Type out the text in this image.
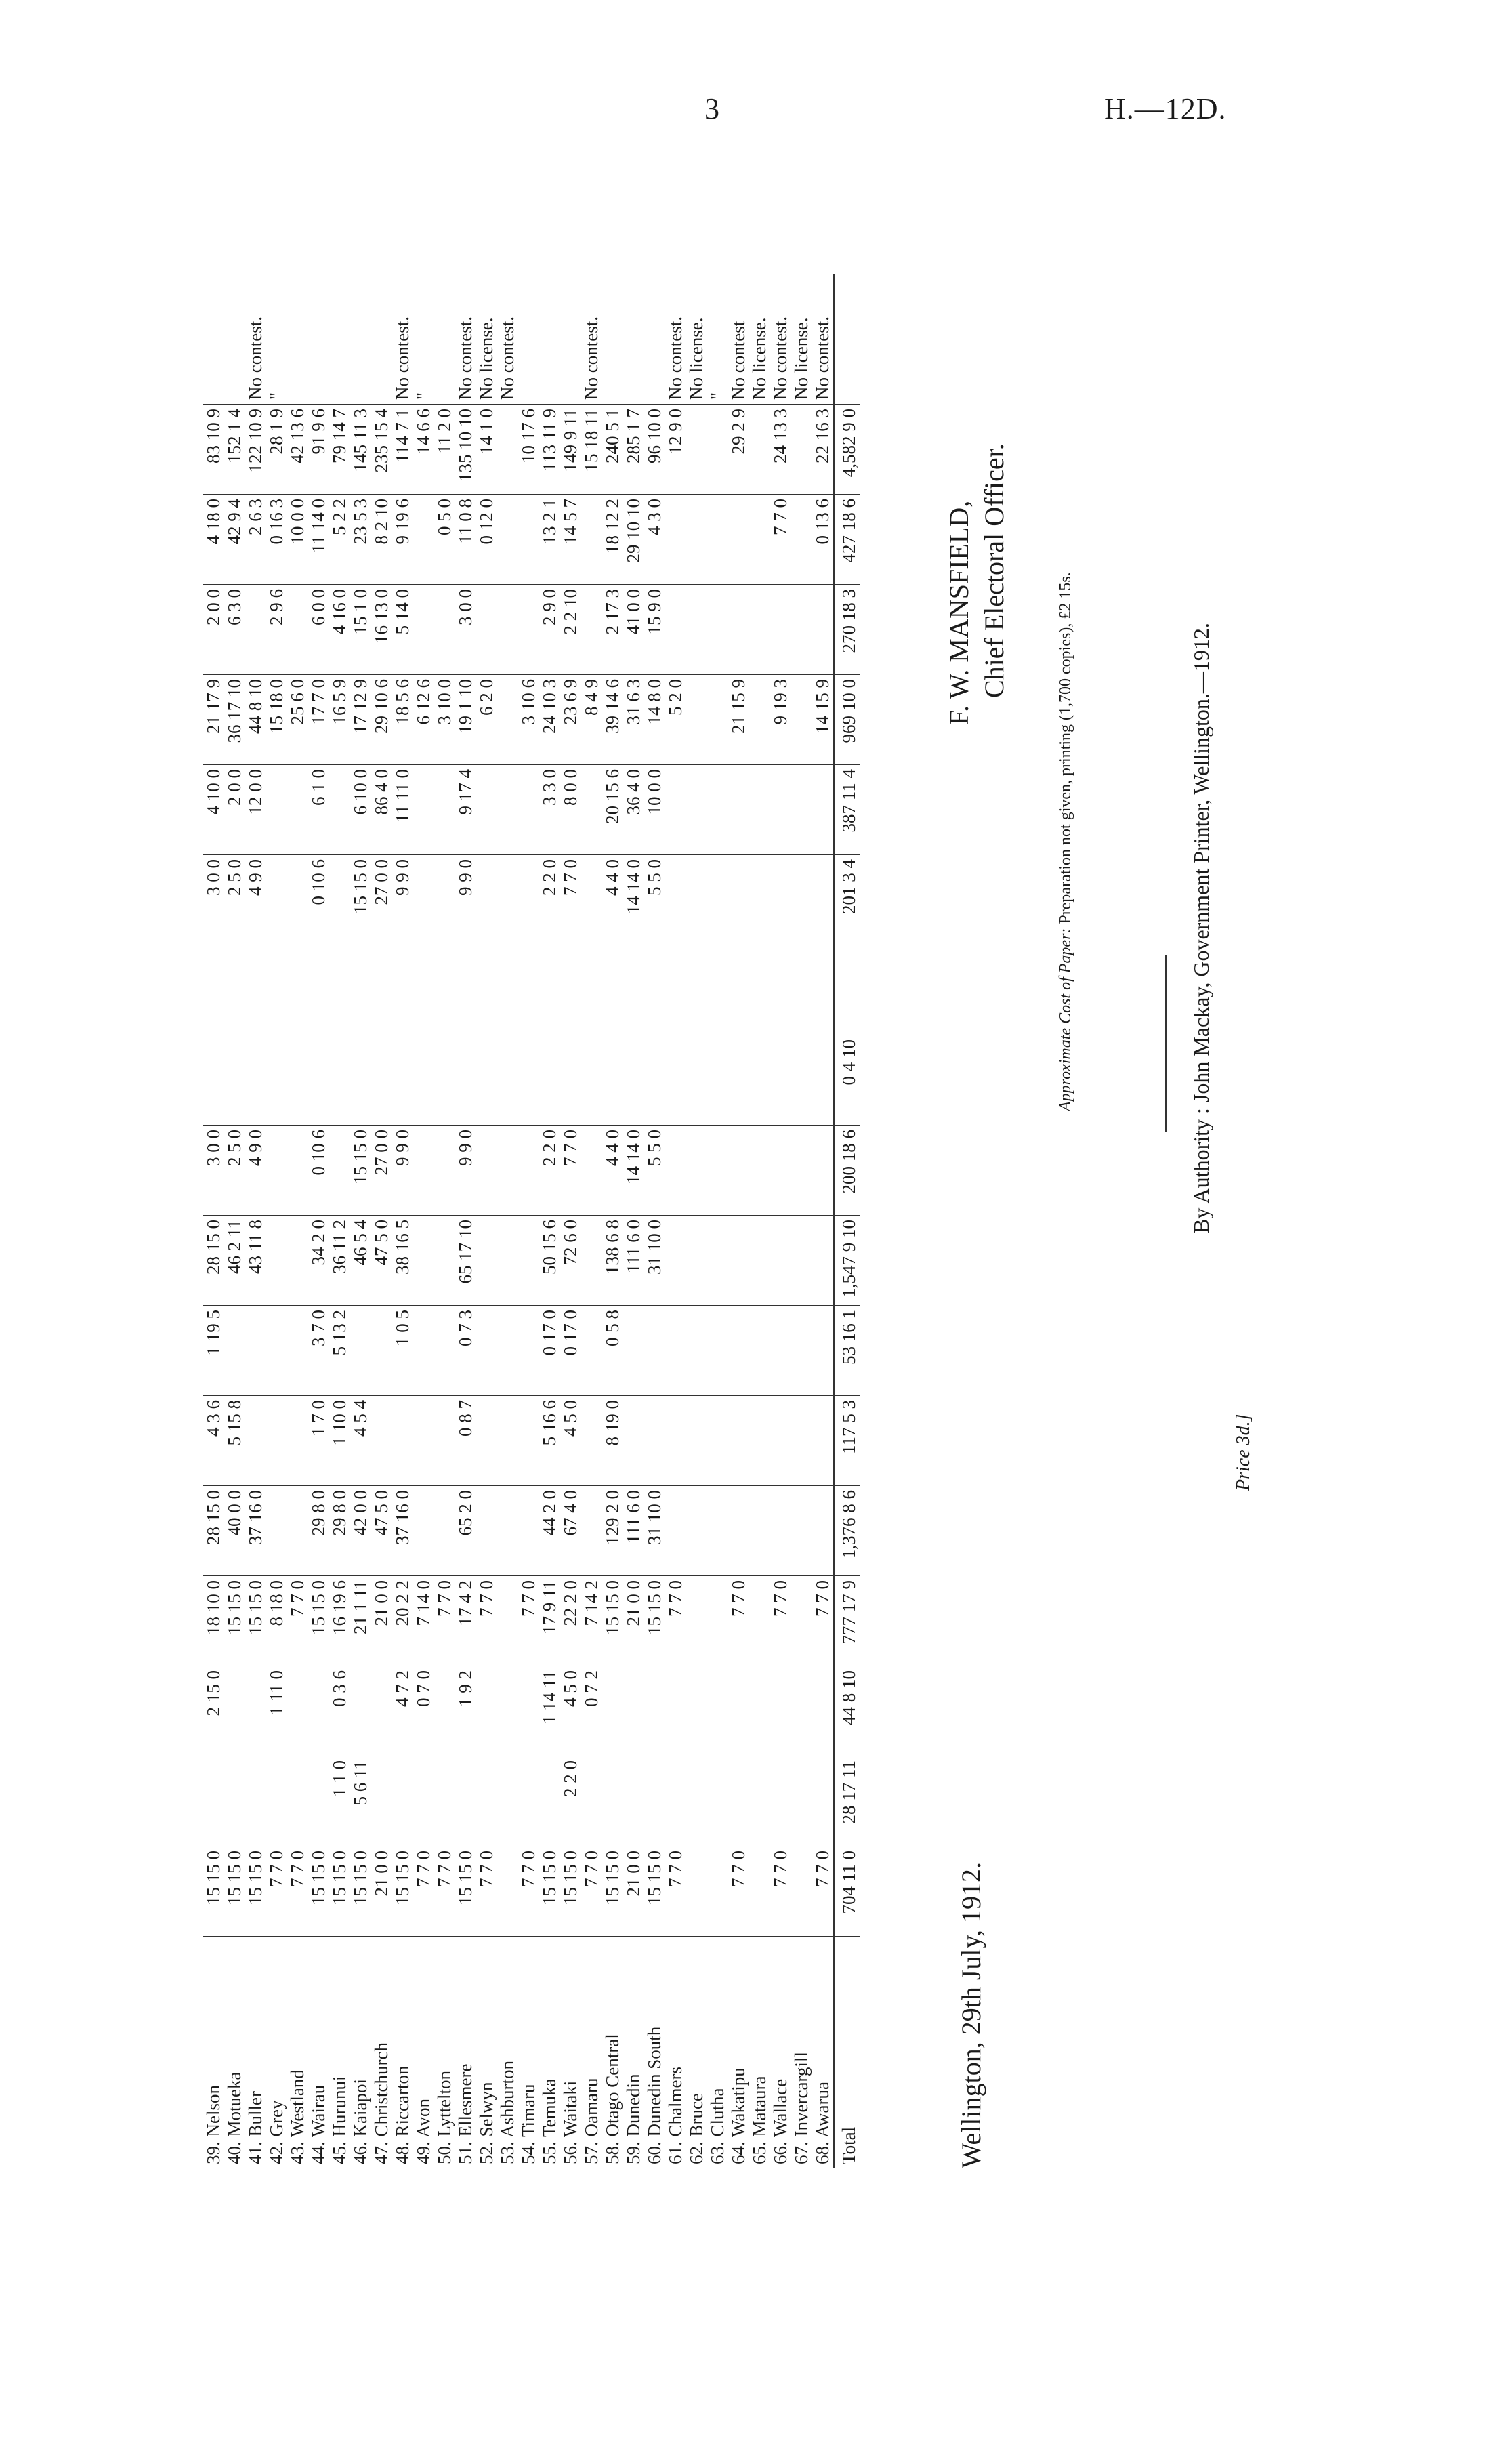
3	H.—12D.
39. Nelson	15 15 0		2 15 0	18 10 0	28 15 0	4 3 6	1 19 5	28 15 0	3 0 0			3 0 0	4 10 0	21 17 9	2 0 0	4 18 0	83 10 9	
40. Motueka	15 15 0			15 15 0	40 0 0	5 15 8		46 2 11	2 5 0			2 5 0	2 0 0	36 17 10	6 3 0	42 9 4	152 1 4	
41. Buller	15 15 0			15 15 0	37 16 0			43 11 8	4 9 0			4 9 0	12 0 0	44 8 10		2 6 3	122 10 9	No contest.
42. Grey	7 7 0		1 11 0	8 18 0										15 18 0	2 9 6	0 16 3	28 1 9	"
43. Westland	7 7 0			7 7 0										25 6 0		10 0 0	42 13 6	
44. Wairau	15 15 0			15 15 0	29 8 0	1 7 0	3 7 0	34 2 0	0 10 6			0 10 6	6 1 0	17 7 0	6 0 0	11 14 0	91 9 6	
45. Hurunui	15 15 0	1 1 0	0 3 6	16 19 6	29 8 0	1 10 0	5 13 2	36 11 2						16 5 9	4 16 0	5 2 2	79 14 7	
46. Kaiapoi	15 15 0	5 6 11		21 1 11	42 0 0	4 5 4		46 5 4	15 15 0			15 15 0	6 10 0	17 12 9	15 1 0	23 5 3	145 11 3	
47. Christchurch	21 0 0			21 0 0	47 5 0			47 5 0	27 0 0			27 0 0	86 4 0	29 10 6	16 13 0	8 2 10	235 15 4	
48. Riccarton	15 15 0		4 7 2	20 2 2	37 16 0		1 0 5	38 16 5	9 9 0			9 9 0	11 11 0	18 5 6	5 14 0	9 19 6	114 7 1	No contest.
49. Avon	7 7 0		0 7 0	7 14 0										6 12 6			14 6 6	"
50. Lyttelton	7 7 0			7 7 0										3 10 0		0 5 0	11 2 0	
51. Ellesmere	15 15 0		1 9 2	17 4 2	65 2 0	0 8 7	0 7 3	65 17 10	9 9 0			9 9 0	9 17 4	19 1 10	3 0 0	11 0 8	135 10 10	No contest.
52. Selwyn	7 7 0			7 7 0										6 2 0		0 12 0	14 1 0	No license.
53. Ashburton																		No contest.
54. Timaru	7 7 0			7 7 0										3 10 6			10 17 6	
55. Temuka	15 15 0		1 14 11	17 9 11	44 2 0	5 16 6	0 17 0	50 15 6	2 2 0			2 2 0	3 3 0	24 10 3	2 9 0	13 2 1	113 11 9	
56. Waitaki	15 15 0	2 2 0	4 5 0	22 2 0	67 4 0	4 5 0	0 17 0	72 6 0	7 7 0			7 7 0	8 0 0	23 6 9	2 2 10	14 5 7	149 9 11	
57. Oamaru	7 7 0		0 7 2	7 14 2										8 4 9			15 18 11	No contest.
58. Otago Central	15 15 0			15 15 0	129 2 0	8 19 0	0 5 8	138 6 8	4 4 0			4 4 0	20 15 6	39 14 6	2 17 3	18 12 2	240 5 1	
59. Dunedin	21 0 0			21 0 0	111 6 0			111 6 0	14 14 0			14 14 0	36 4 0	31 6 3	41 0 0	29 10 10	285 1 7	
60. Dunedin South	15 15 0			15 15 0	31 10 0			31 10 0	5 5 0			5 5 0	10 0 0	14 8 0	15 9 0	4 3 0	96 10 0	
61. Chalmers	7 7 0			7 7 0										5 2 0			12 9 0	No contest.
62. Bruce																		No license.
63. Clutha																		"
64. Wakatipu	7 7 0			7 7 0										21 15 9			29 2 9	No contest
65. Mataura																		No license.
66. Wallace	7 7 0			7 7 0										9 19 3		7 7 0	24 13 3	No contest.
67. Invercargill																		No license.
68. Awarua	7 7 0			7 7 0										14 15 9		0 13 6	22 16 3	No contest.
Total	704 11 0	28 17 11	44 8 10	777 17 9	1,376 8 6	117 5 3	53 16 1	1,547 9 10	200 18 6	0 4 10		201 3 4	387 11 4	969 10 0	270 18 3	427 18 6	4,582 9 0	
Wellington, 29th July, 1912.
F. W. MANSFIELD, Chief Electoral Officer.
Approximate Cost of Paper: Preparation not given, printing (1,700 copies), £2 15s.	By Authority : John Mackay, Government Printer, Wellington.—1912.
Price 3d.]
